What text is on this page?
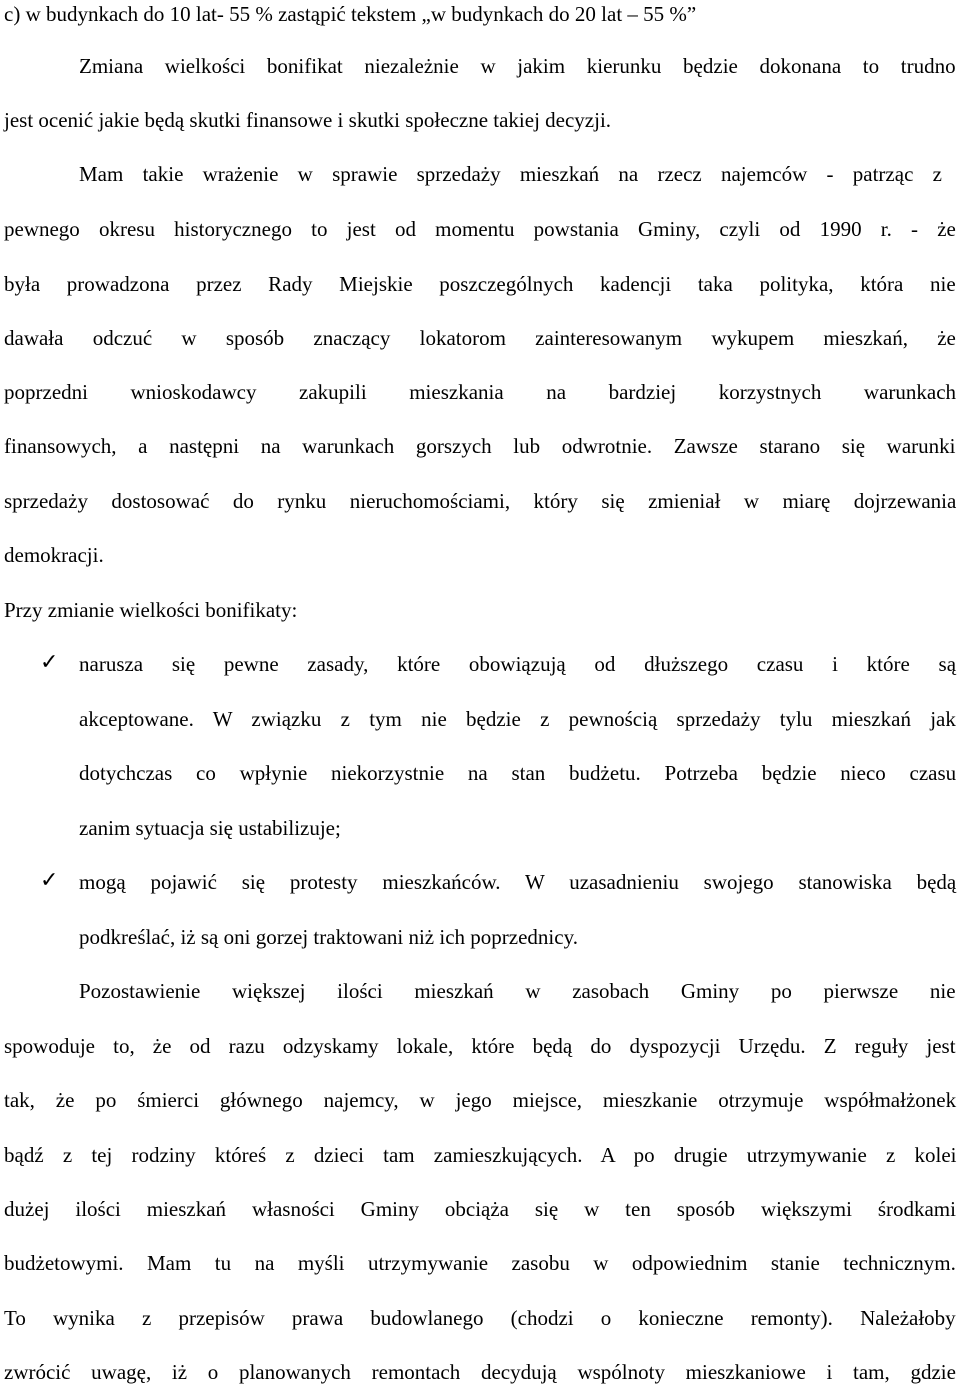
c) w budynkach do 10 lat- 55 % zastąpić tekstem „w budynkach do 20 lat – 55 %”
Zmiana wielkości bonifikat niezależnie w jakim kierunku będzie dokonana to trudno
jest ocenić jakie będą skutki finansowe i skutki społeczne takiej decyzji.
Mam takie wrażenie w sprawie sprzedaży mieszkań na rzecz najemców - patrząc z
pewnego okresu historycznego to jest od momentu powstania Gminy, czyli od 1990 r. - że
była prowadzona przez Rady Miejskie poszczególnych kadencji taka polityka, która nie
dawała odczuć w sposób znaczący lokatorom zainteresowanym wykupem mieszkań, że
poprzedni wnioskodawcy zakupili mieszkania na bardziej korzystnych warunkach
finansowych, a następni na warunkach gorszych lub odwrotnie. Zawsze starano się warunki
sprzedaży dostosować do rynku nieruchomościami, który się zmieniał w miarę dojrzewania
demokracji.
Przy zmianie wielkości bonifikaty:
✓ narusza się pewne zasady, które obowiązują od dłuższego czasu i które są
akceptowane. W związku z tym nie będzie z pewnością sprzedaży tylu mieszkań jak
dotychczas co wpłynie niekorzystnie na stan budżetu. Potrzeba będzie nieco czasu
zanim sytuacja się ustabilizuje;
✓ mogą pojawić się protesty mieszkańców. W uzasadnieniu swojego stanowiska będą
podkreślać, iż są oni gorzej traktowani niż ich poprzednicy.
Pozostawienie większej ilości mieszkań w zasobach Gminy po pierwsze nie
spowoduje to, że od razu odzyskamy lokale, które będą do dyspozycji Urzędu. Z reguły jest
tak, że po śmierci głównego najemcy, w jego miejsce, mieszkanie otrzymuje współmałżonek
bądź z tej rodziny któreś z dzieci tam zamieszkujących. A po drugie utrzymywanie z kolei
dużej ilości mieszkań własności Gminy obciąża się w ten sposób większymi środkami
budżetowymi. Mam tu na myśli utrzymywanie zasobu w odpowiednim stanie technicznym.
To wynika z przepisów prawa budowlanego (chodzi o konieczne remonty). Należałoby
zwrócić uwagę, iż o planowanych remontach decydują wspólnoty mieszkaniowe i tam, gdzie
